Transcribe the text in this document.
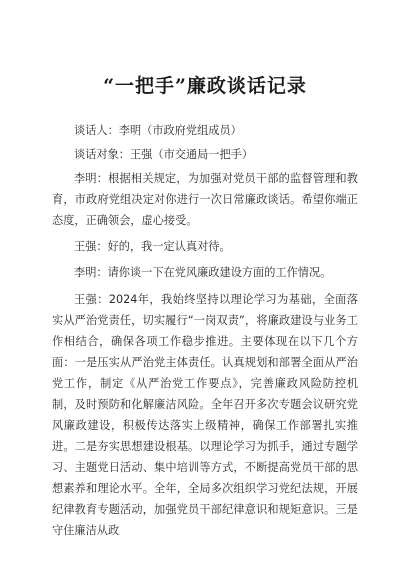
“一把手”廉政谈话记录

谈话人：李明（市政府党组成员）

谈话对象：王强（市交通局一把手）

李明：根据相关规定，为加强对党员干部的监督管理和教育，市政府党组决定对你进行一次日常廉政谈话。希望你端正态度，正确领会，虚心接受。

王强：好的，我一定认真对待。

李明：请你谈一下在党风廉政建设方面的工作情况。

王强：2024年，我始终坚持以理论学习为基础，全面落实从严治党责任，切实履行“一岗双责”，将廉政建设与业务工作相结合，确保各项工作稳步推进。主要体现在以下几个方面：一是压实从严治党主体责任。认真规划和部署全面从严治党工作，制定《从严治党工作要点》，完善廉政风险防控机制，及时预防和化解廉洁风险。全年召开多次专题会议研究党风廉政建设，积极传达落实上级精神，确保工作部署扎实推进。二是夯实思想建设根基。以理论学习为抓手，通过专题学习、主题党日活动、集中培训等方式，不断提高党员干部的思想素养和理论水平。全年，全局多次组织学习党纪法规，开展纪律教育专题活动，加强党员干部纪律意识和规矩意识。三是守住廉洁从政
